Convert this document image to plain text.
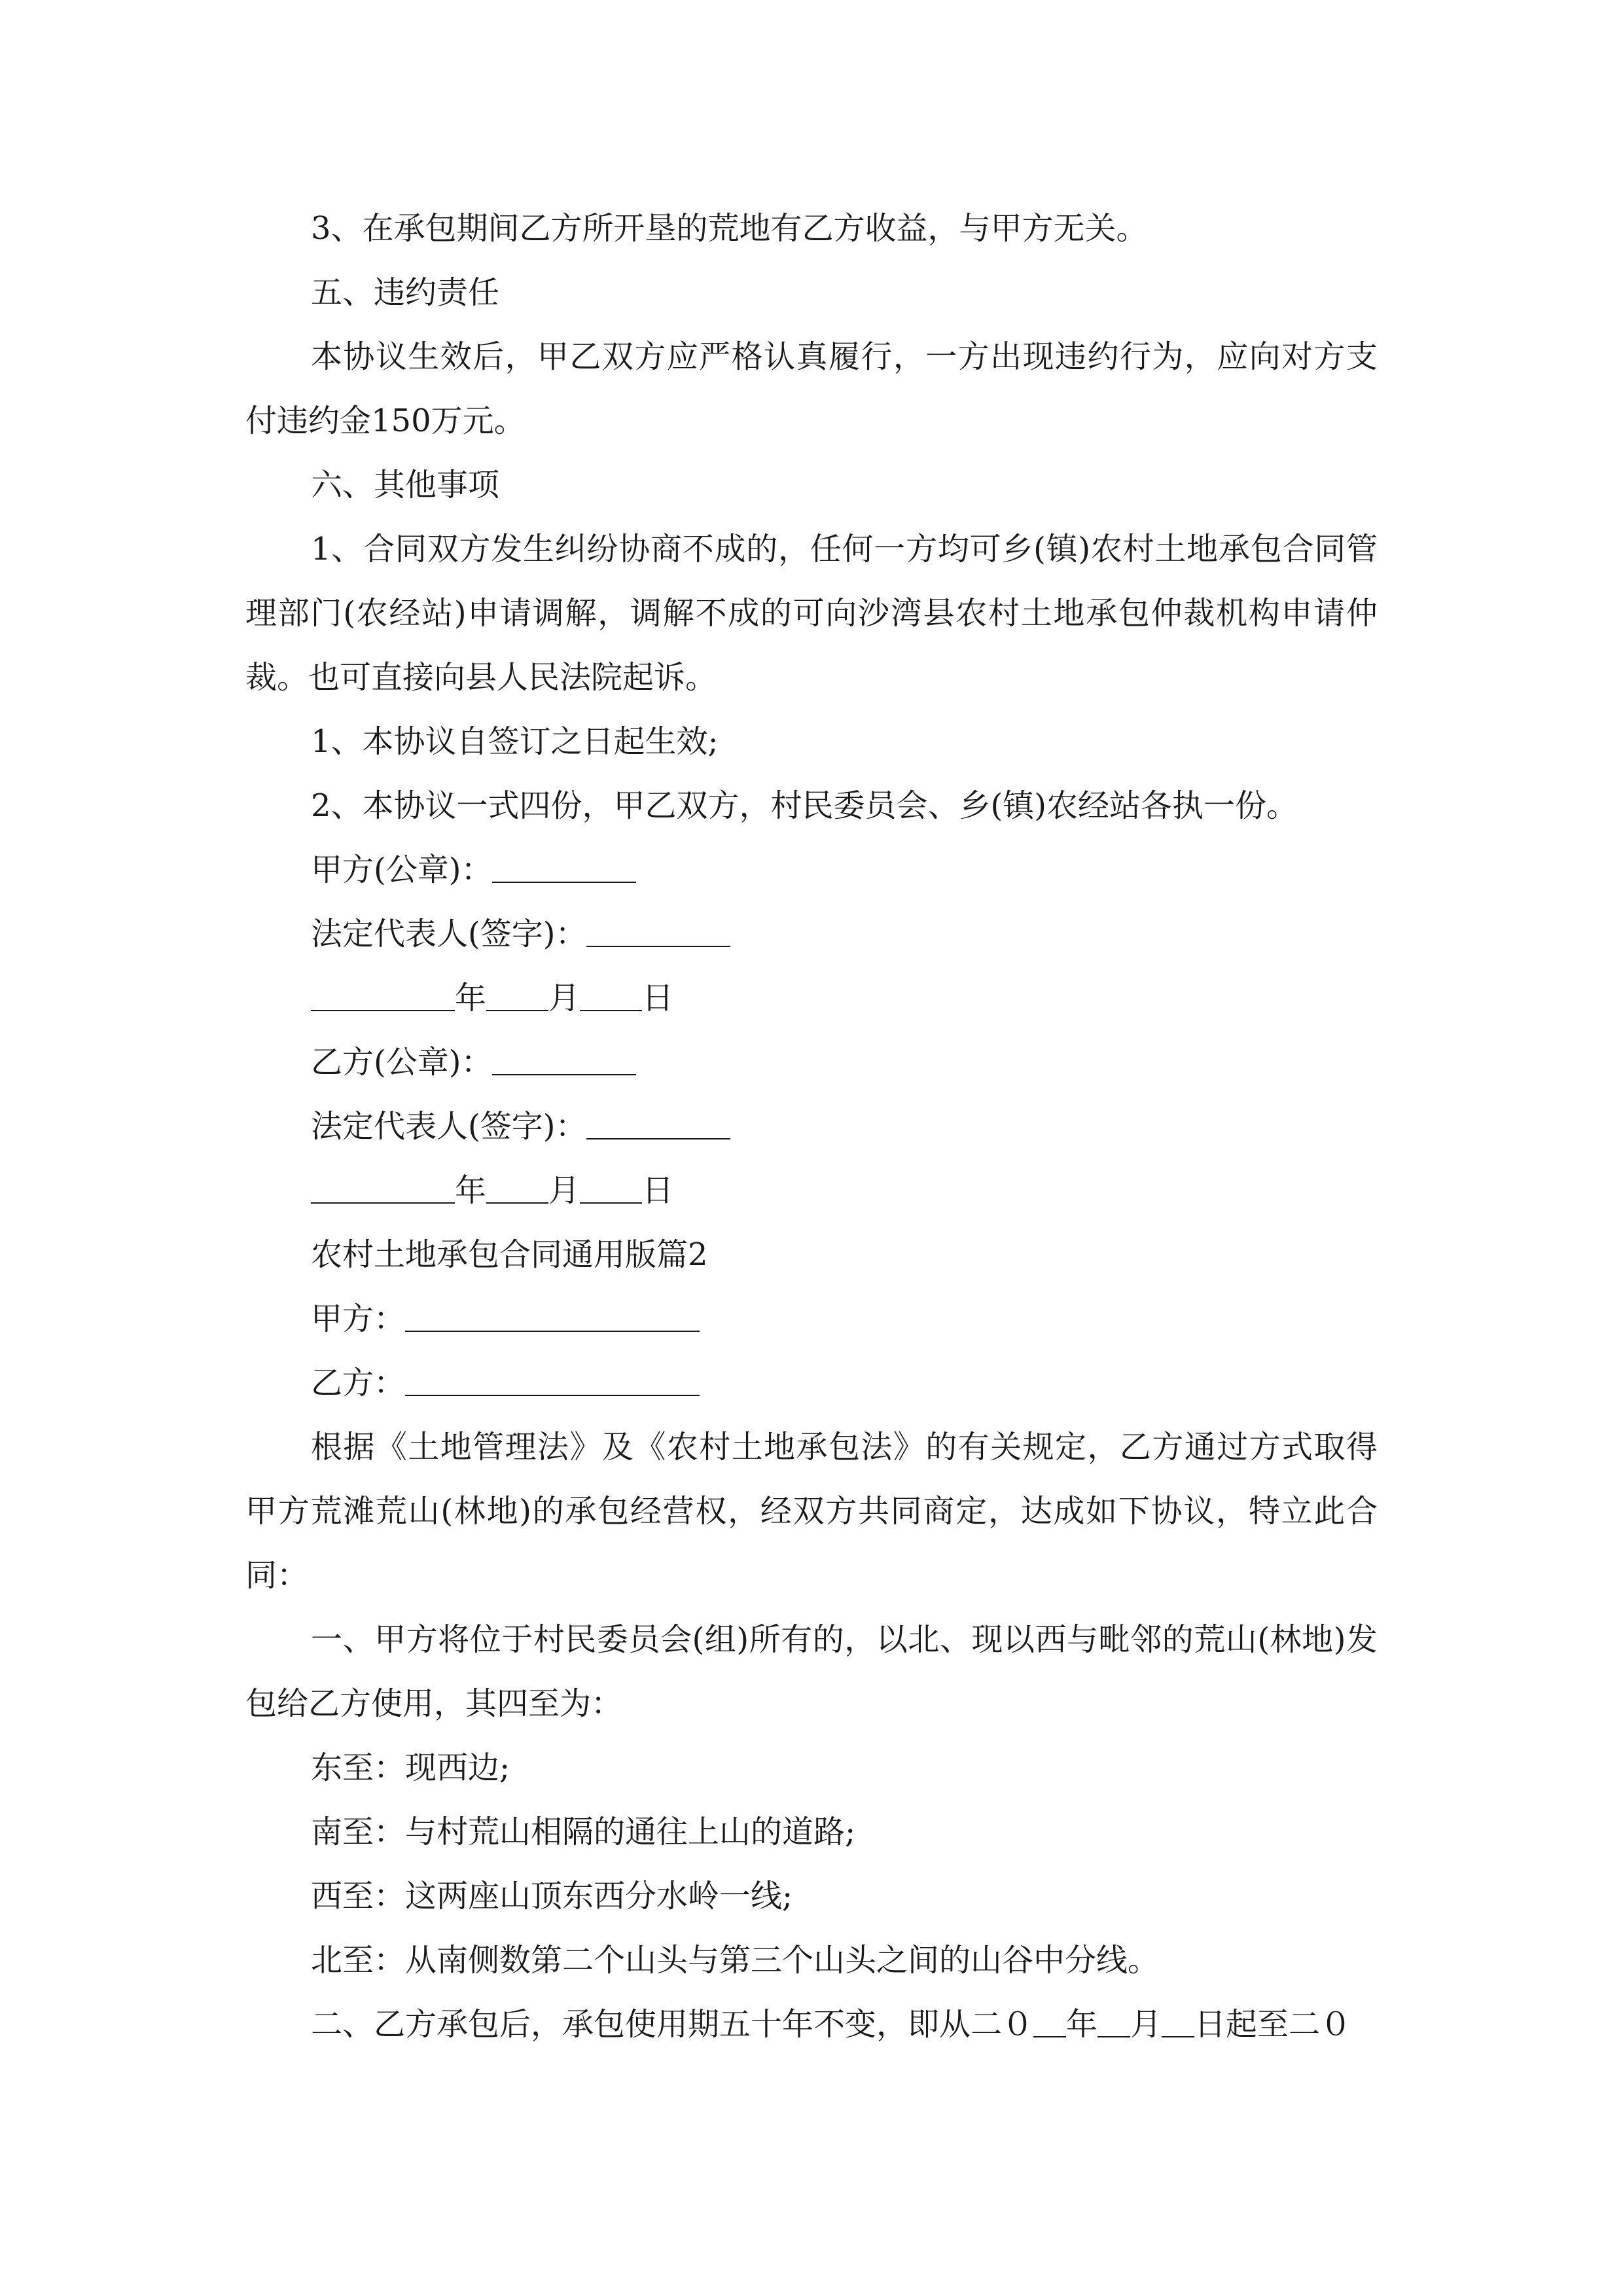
3、在承包期间乙方所开垦的荒地有乙方收益，与甲方无关。

五、违约责任

本协议生效后，甲乙双方应严格认真履行，一方出现违约行为，应向对方支付违约金150万元。

六、其他事项

1、合同双方发生纠纷协商不成的，任何一方均可乡(镇)农村土地承包合同管理部门(农经站)申请调解，调解不成的可向沙湾县农村土地承包仲裁机构申请仲裁。也可直接向县人民法院起诉。

1、本协议自签订之日起生效;

2、本协议一式四份，甲乙双方，村民委员会、乡(镇)农经站各执一份。

甲方(公章)：

法定代表人(签字)：

年 月 日

乙方(公章)：

法定代表人(签字)：

年 月 日

农村土地承包合同通用版篇2

甲方：

乙方：

根据《土地管理法》及《农村土地承包法》的有关规定，乙方通过方式取得甲方荒滩荒山(林地)的承包经营权，经双方共同商定，达成如下协议，特立此合同：

一、甲方将位于村民委员会(组)所有的，以北、现以西与毗邻的荒山(林地)发包给乙方使用，其四至为：

东至：现西边;

南至：与村荒山相隔的通往上山的道路;

西至：这两座山顶东西分水岭一线;

北至：从南侧数第二个山头与第三个山头之间的山谷中分线。

二、乙方承包后，承包使用期五十年不变，即从二０ 年 月 日起至二０
